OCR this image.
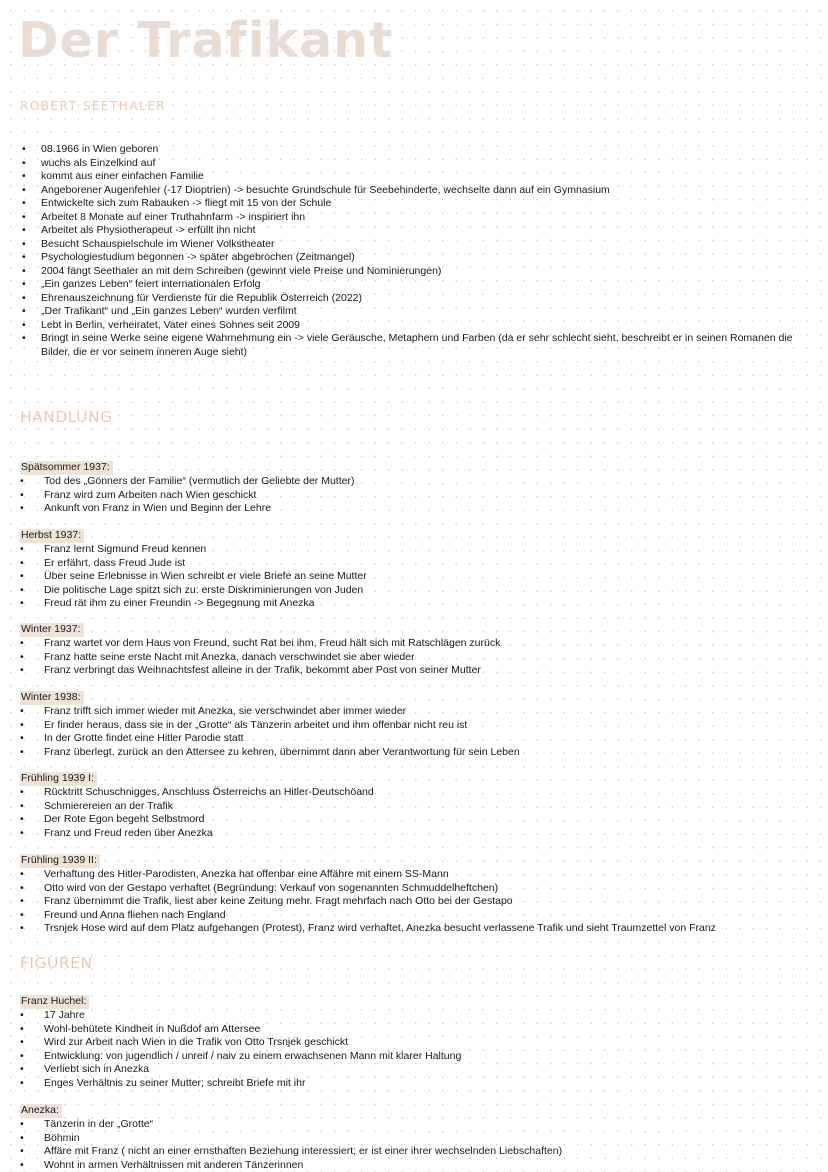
Der Trafikant
ROBERT SEETHALER
• 08.1966 in Wien geboren
• wuchs als Einzelkind auf
• kommt aus einer einfachen Familie
• Angeborener Augenfehler (-17 Dioptrien) -> besuchte Grundschule für Seebehinderte, wechselte dann auf ein Gymnasium
• Entwickelte sich zum Rabauken -> fliegt mit 15 von der Schule
• Arbeitet 8 Monate auf einer Truthahnfarm -> inspiriert ihn
• Arbeitet als Physiotherapeut -> erfüllt ihn nicht
• Besucht Schauspielschule im Wiener Volkstheater
• Psychologiestudium begonnen -> später abgebrochen (Zeitmangel)
• 2004 fängt Seethaler an mit dem Schreiben (gewinnt viele Preise und Nominierungen)
• „Ein ganzes Leben“ feiert internationalen Erfolg
• Ehrenauszeichnung für Verdienste für die Republik Österreich (2022)
• „Der Trafikant“ und „Ein ganzes Leben“ wurden verfilmt
• Lebt in Berlin, verheiratet, Vater eines Sohnes seit 2009
• Bringt in seine Werke seine eigene Wahrnehmung ein -> viele Geräusche, Metaphern und Farben (da er sehr schlecht sieht, beschreibt er in seinen Romanen die Bilder, die er vor seinem inneren Auge sieht)
HANDLUNG
Spätsommer 1937:
• Tod des „Gönners der Familie“ (vermutlich der Geliebte der Mutter)
• Franz wird zum Arbeiten nach Wien geschickt
• Ankunft von Franz in Wien und Beginn der Lehre
Herbst 1937:
• Franz lernt Sigmund Freud kennen
• Er erfährt, dass Freud Jude ist
• Über seine Erlebnisse in Wien schreibt er viele Briefe an seine Mutter
• Die politische Lage spitzt sich zu: erste Diskriminierungen von Juden
• Freud rät ihm zu einer Freundin -> Begegnung mit Anezka
Winter 1937:
• Franz wartet vor dem Haus von Freund, sucht Rat bei ihm, Freud hält sich mit Ratschlägen zurück
• Franz hatte seine erste Nacht mit Anezka, danach verschwindet sie aber wieder
• Franz verbringt das Weihnachtsfest alleine in der Trafik, bekommt aber Post von seiner Mutter
Winter 1938:
• Franz trifft sich immer wieder mit Anezka, sie verschwindet aber immer wieder
• Er finder heraus, dass sie in der „Grotte“ als Tänzerin arbeitet und ihm offenbar nicht reu ist
• In der Grotte findet eine Hitler Parodie statt
• Franz überlegt, zurück an den Attersee zu kehren, übernimmt dann aber Verantwortung für sein Leben
Frühling 1939 I:
• Rücktritt Schuschnigges, Anschluss Österreichs an Hitler-Deutschöand
• Schmierereien an der Trafik
• Der Rote Egon begeht Selbstmord
• Franz und Freud reden über Anezka
Frühling 1939 II:
• Verhaftung des Hitler-Parodisten, Anezka hat offenbar eine Affähre mit einem SS-Mann
• Otto wird von der Gestapo verhaftet (Begründung: Verkauf von sogenannten Schmuddelheftchen)
• Franz übernimmt die Trafik, liest aber keine Zeitung mehr. Fragt mehrfach nach Otto bei der Gestapo
• Freund und Anna fliehen nach England
• Trsnjek Hose wird auf dem Platz aufgehangen (Protest), Franz wird verhaftet, Anezka besucht verlassene Trafik und sieht Traumzettel von Franz
FIGUREN
Franz Huchel:
• 17 Jahre
• Wohl-behütete Kindheit in Nußdof am Attersee
• Wird zur Arbeit nach Wien in die Trafik von Otto Trsnjek geschickt
• Entwicklung: von jugendlich / unreif / naiv zu einem erwachsenen Mann mit klarer Haltung
• Verliebt sich in Anezka
• Enges Verhältnis zu seiner Mutter; schreibt Briefe mit ihr
Anezka:
• Tänzerin in der „Grotte“
• Böhmin
• Affäre mit Franz ( nicht an einer ernsthaften Beziehung interessiert; er ist einer ihrer wechselnden Liebschaften)
• Wohnt in armen Verhältnissen mit anderen Tänzerinnen
